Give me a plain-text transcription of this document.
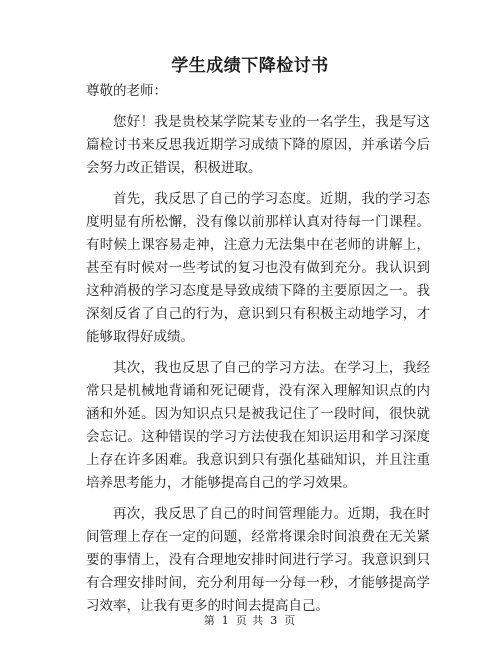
学生成绩下降检讨书

尊敬的老师：

您好！我是贵校某学院某专业的一名学生，我是写这篇检讨书来反思我近期学习成绩下降的原因，并承诺今后会努力改正错误，积极进取。

首先，我反思了自己的学习态度。近期，我的学习态度明显有所松懈，没有像以前那样认真对待每一门课程。有时候上课容易走神，注意力无法集中在老师的讲解上，甚至有时候对一些考试的复习也没有做到充分。我认识到这种消极的学习态度是导致成绩下降的主要原因之一。我深刻反省了自己的行为，意识到只有积极主动地学习，才能够取得好成绩。

其次，我也反思了自己的学习方法。在学习上，我经常只是机械地背诵和死记硬背，没有深入理解知识点的内涵和外延。因为知识点只是被我记住了一段时间，很快就会忘记。这种错误的学习方法使我在知识运用和学习深度上存在许多困难。我意识到只有强化基础知识，并且注重培养思考能力，才能够提高自己的学习效果。

再次，我反思了自己的时间管理能力。近期，我在时间管理上存在一定的问题，经常将课余时间浪费在无关紧要的事情上，没有合理地安排时间进行学习。我意识到只有合理安排时间，充分利用每一分每一秒，才能够提高学习效率，让我有更多的时间去提高自己。

第 1 页 共 3 页
